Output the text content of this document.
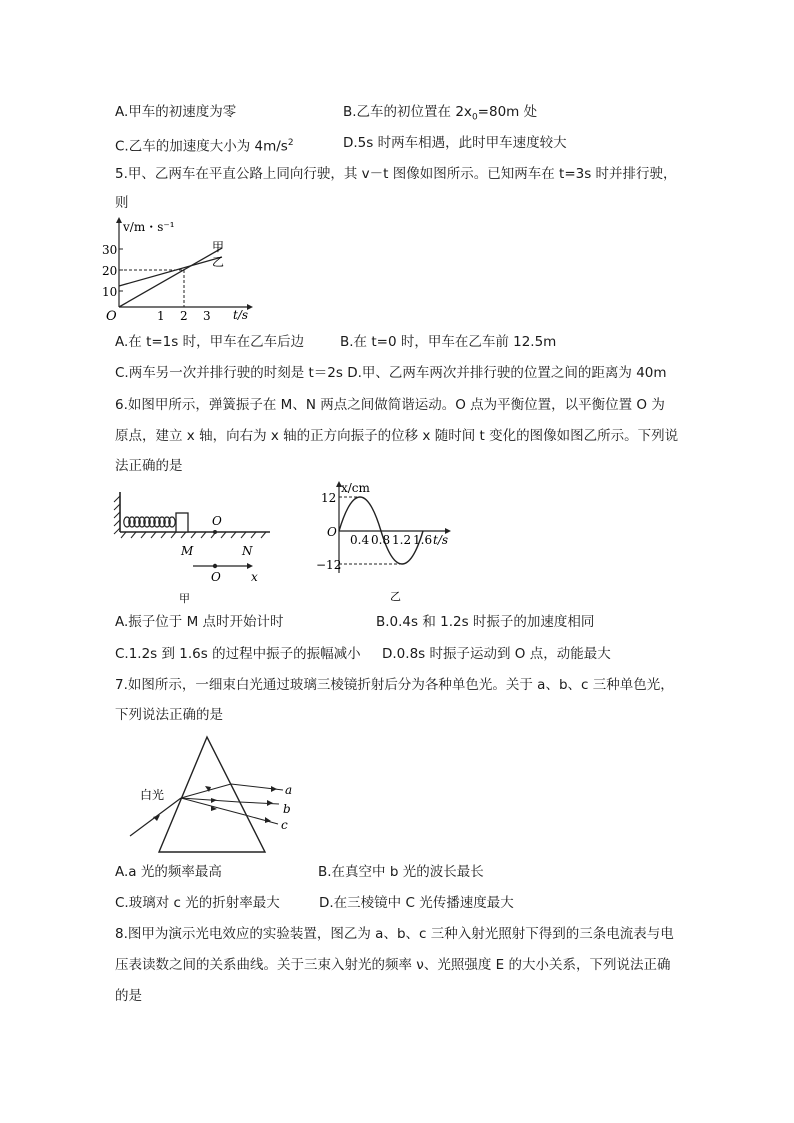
A.甲车的初速度为零	B.乙车的初位置在 $2x_0=80m$ 处
C.乙车的加速度大小为 $4m/s^2$	D.5s 时两车相遇，此时甲车速度较大
5.甲、乙两车在平直公路上同向行驶，其 v－t 图像如图所示。已知两车在 t=3s 时并排行驶，
则
v/m・s⁻¹
t/s
O
30
20
10
1 2 3
甲
乙
A.在 t=1s 时，甲车在乙车后边	B.在 t=0 时，甲车在乙车前 12.5m
C.两车另一次并排行驶的时刻是 t＝2s D.甲、乙两车两次并排行驶的位置之间的距离为 40m
6.如图甲所示，弹簧振子在 M、N 两点之间做简谐运动。O 点为平衡位置，以平衡位置 O 为
原点，建立 x 轴，向右为 x 轴的正方向振子的位移 x 随时间 t 变化的图像如图乙所示。下列说
法正确的是
O
M	N
O	x
甲
x/cm
12
−12
O
0.4 0.8 1.2 1.6 t/s
乙
A.振子位于 M 点时开始计时	B.0.4s 和 1.2s 时振子的加速度相同
C.1.2s 到 1.6s 的过程中振子的振幅减小 D.0.8s 时振子运动到 O 点，动能最大
7.如图所示，一细束白光通过玻璃三棱镜折射后分为各种单色光。关于 a、b、c 三种单色光，
下列说法正确的是
白光	a
b
c
A.a 光的频率最高	B.在真空中 b 光的波长最长
C.玻璃对 c 光的折射率最大	D.在三棱镜中 C 光传播速度最大
8.图甲为演示光电效应的实验装置，图乙为 a、b、c 三种入射光照射下得到的三条电流表与电
压表读数之间的关系曲线。关于三束入射光的频率 ν、光照强度 E 的大小关系，下列说法正确
的是
